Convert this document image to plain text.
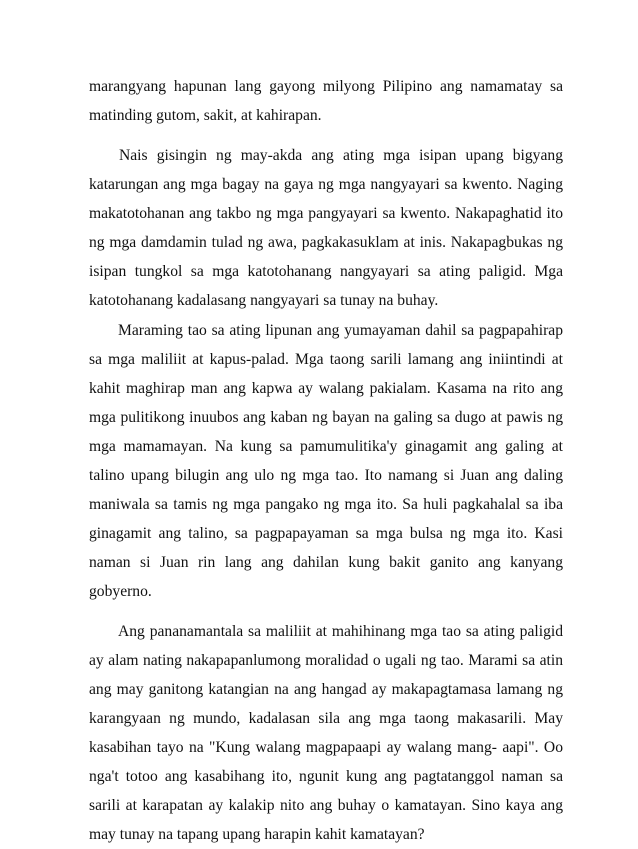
marangyang hapunan lang gayong milyong Pilipino ang namamatay sa matinding gutom, sakit, at kahirapan.

Nais gisingin ng may-akda ang ating mga isipan upang bigyang katarungan ang mga bagay na gaya ng mga nangyayari sa kwento. Naging makatotohanan ang takbo ng mga pangyayari sa kwento. Nakapaghatid ito ng mga damdamin tulad ng awa, pagkakasuklam at inis. Nakapagbukas ng isipan tungkol sa mga katotohanang nangyayari sa ating paligid. Mga katotohanang kadalasang nangyayari sa tunay na buhay.

Maraming tao sa ating lipunan ang yumayaman dahil sa pagpapahirap sa mga maliliit at kapus-palad. Mga taong sarili lamang ang iniintindi at kahit maghirap man ang kapwa ay walang pakialam. Kasama na rito ang mga pulitikong inuubos ang kaban ng bayan na galing sa dugo at pawis ng mga mamamayan. Na kung sa pamumulitika'y ginagamit ang galing at talino upang bilugin ang ulo ng mga tao. Ito namang si Juan ang daling maniwala sa tamis ng mga pangako ng mga ito. Sa huli pagkahalal sa iba ginagamit ang talino, sa pagpapayaman sa mga bulsa ng mga ito. Kasi naman si Juan rin lang ang dahilan kung bakit ganito ang kanyang gobyerno.

Ang pananamantala sa maliliit at mahihinang mga tao sa ating paligid ay alam nating nakapapanlumong moralidad o ugali ng tao. Marami sa atin ang may ganitong katangian na ang hangad ay makapagtamasa lamang ng karangyaan ng mundo, kadalasan sila ang mga taong makasarili. May kasabihan tayo na "Kung walang magpapaapi ay walang mang- aapi". Oo nga't totoo ang kasabihang ito, ngunit kung ang pagtatanggol naman sa sarili at karapatan ay kalakip nito ang buhay o kamatayan. Sino kaya ang may tunay na tapang upang harapin kahit kamatayan?
